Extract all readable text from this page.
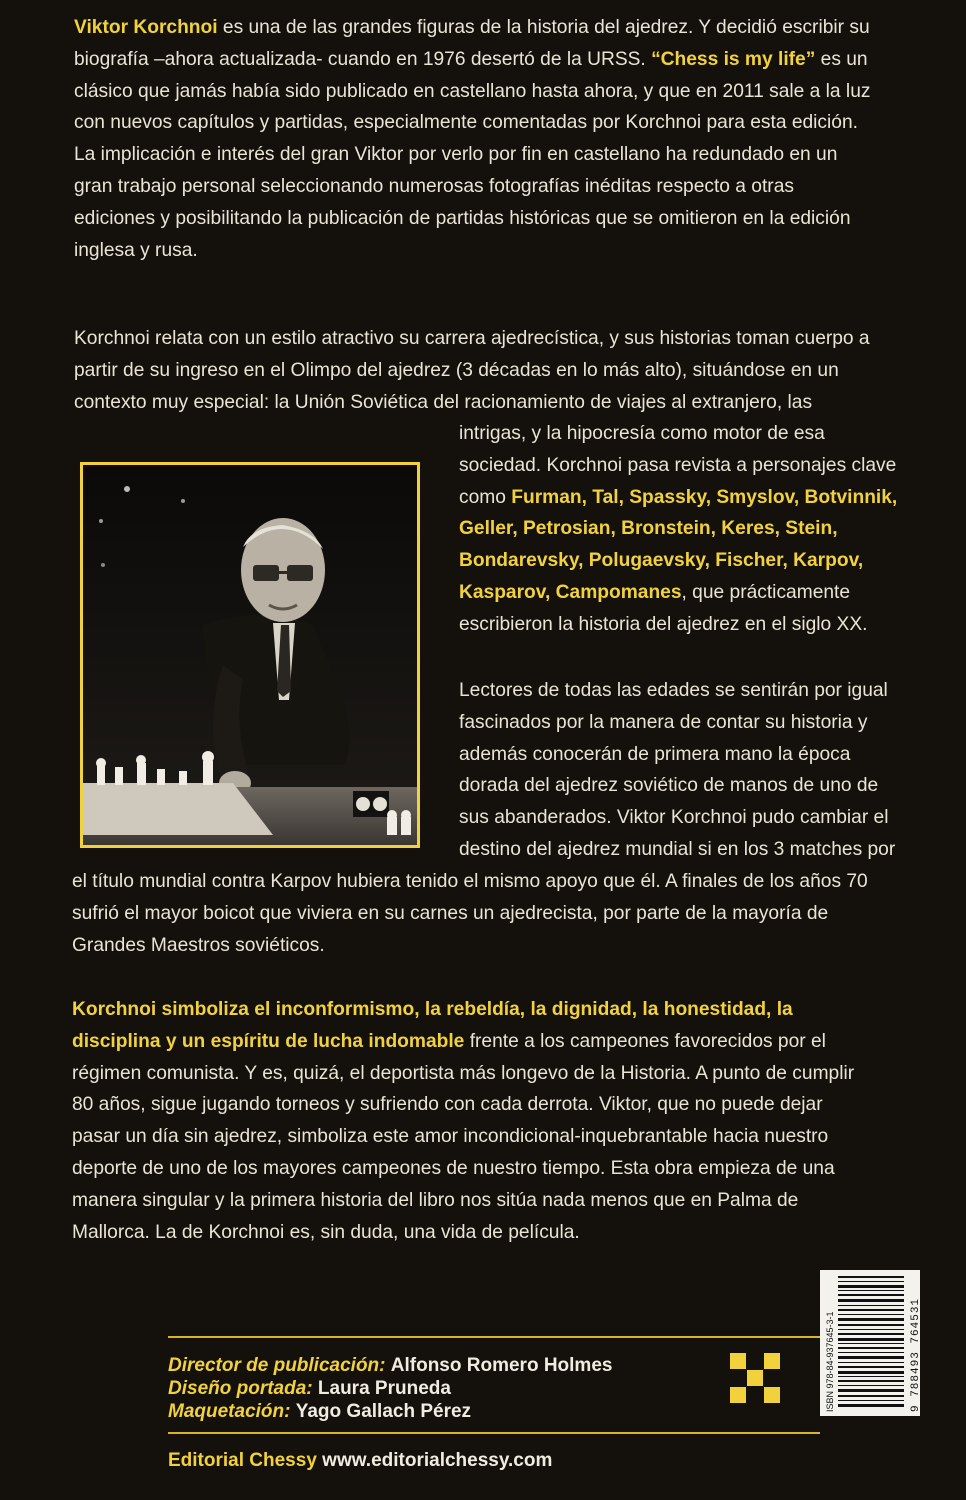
Viktor Korchnoi es una de las grandes figuras de la historia del ajedrez. Y decidió escribir su
biografía –ahora actualizada- cuando en 1976 desertó de la URSS. “Chess is my life” es un
clásico que jamás había sido publicado en castellano hasta ahora, y que en 2011 sale a la luz
con nuevos capítulos y partidas, especialmente comentadas por Korchnoi para esta edición.
La implicación e interés del gran Viktor por verlo por fin en castellano ha redundado en un
gran trabajo personal seleccionando numerosas fotografías inéditas respecto a otras
ediciones y posibilitando la publicación de partidas históricas que se omitieron en la edición
inglesa y rusa.

Korchnoi relata con un estilo atractivo su carrera ajedrecística, y sus historias toman cuerpo a
partir de su ingreso en el Olimpo del ajedrez (3 décadas en lo más alto), situándose en un
contexto muy especial: la Unión Soviética del racionamiento de viajes al extranjero, las

intrigas, y la hipocresía como motor de esa
sociedad. Korchnoi pasa revista a personajes clave
como Furman, Tal, Spassky, Smyslov, Botvinnik,
Geller, Petrosian, Bronstein, Keres, Stein,
Bondarevsky, Polugaevsky, Fischer, Karpov,
Kasparov, Campomanes, que prácticamente
escribieron la historia del ajedrez en el siglo XX.

Lectores de todas las edades se sentirán por igual
fascinados por la manera de contar su historia y
además conocerán de primera mano la época
dorada del ajedrez soviético de manos de uno de
sus abanderados. Viktor Korchnoi pudo cambiar el
destino del ajedrez mundial si en los 3 matches por

el título mundial contra Karpov hubiera tenido el mismo apoyo que él. A finales de los años 70
sufrió el mayor boicot que viviera en su carnes un ajedrecista, por parte de la mayoría de
Grandes Maestros soviéticos.

Korchnoi simboliza el inconformismo, la rebeldía, la dignidad, la honestidad, la
disciplina y un espíritu de lucha indomable frente a los campeones favorecidos por el
régimen comunista. Y es, quizá, el deportista más longevo de la Historia. A punto de cumplir
80 años, sigue jugando torneos y sufriendo con cada derrota. Viktor, que no puede dejar
pasar un día sin ajedrez, simboliza este amor incondicional-inquebrantable hacia nuestro
deporte de uno de los mayores campeones de nuestro tiempo. Esta obra empieza de una
manera singular y la primera historia del libro nos sitúa nada menos que en Palma de
Mallorca. La de Korchnoi es, sin duda, una vida de película.

Director de publicación: Alfonso Romero Holmes
Diseño portada: Laura Pruneda
Maquetación: Yago Gallach Pérez	ISBN 978-84-937645-3-1	9 788493 764531
Editorial Chessy www.editorialchessy.com
